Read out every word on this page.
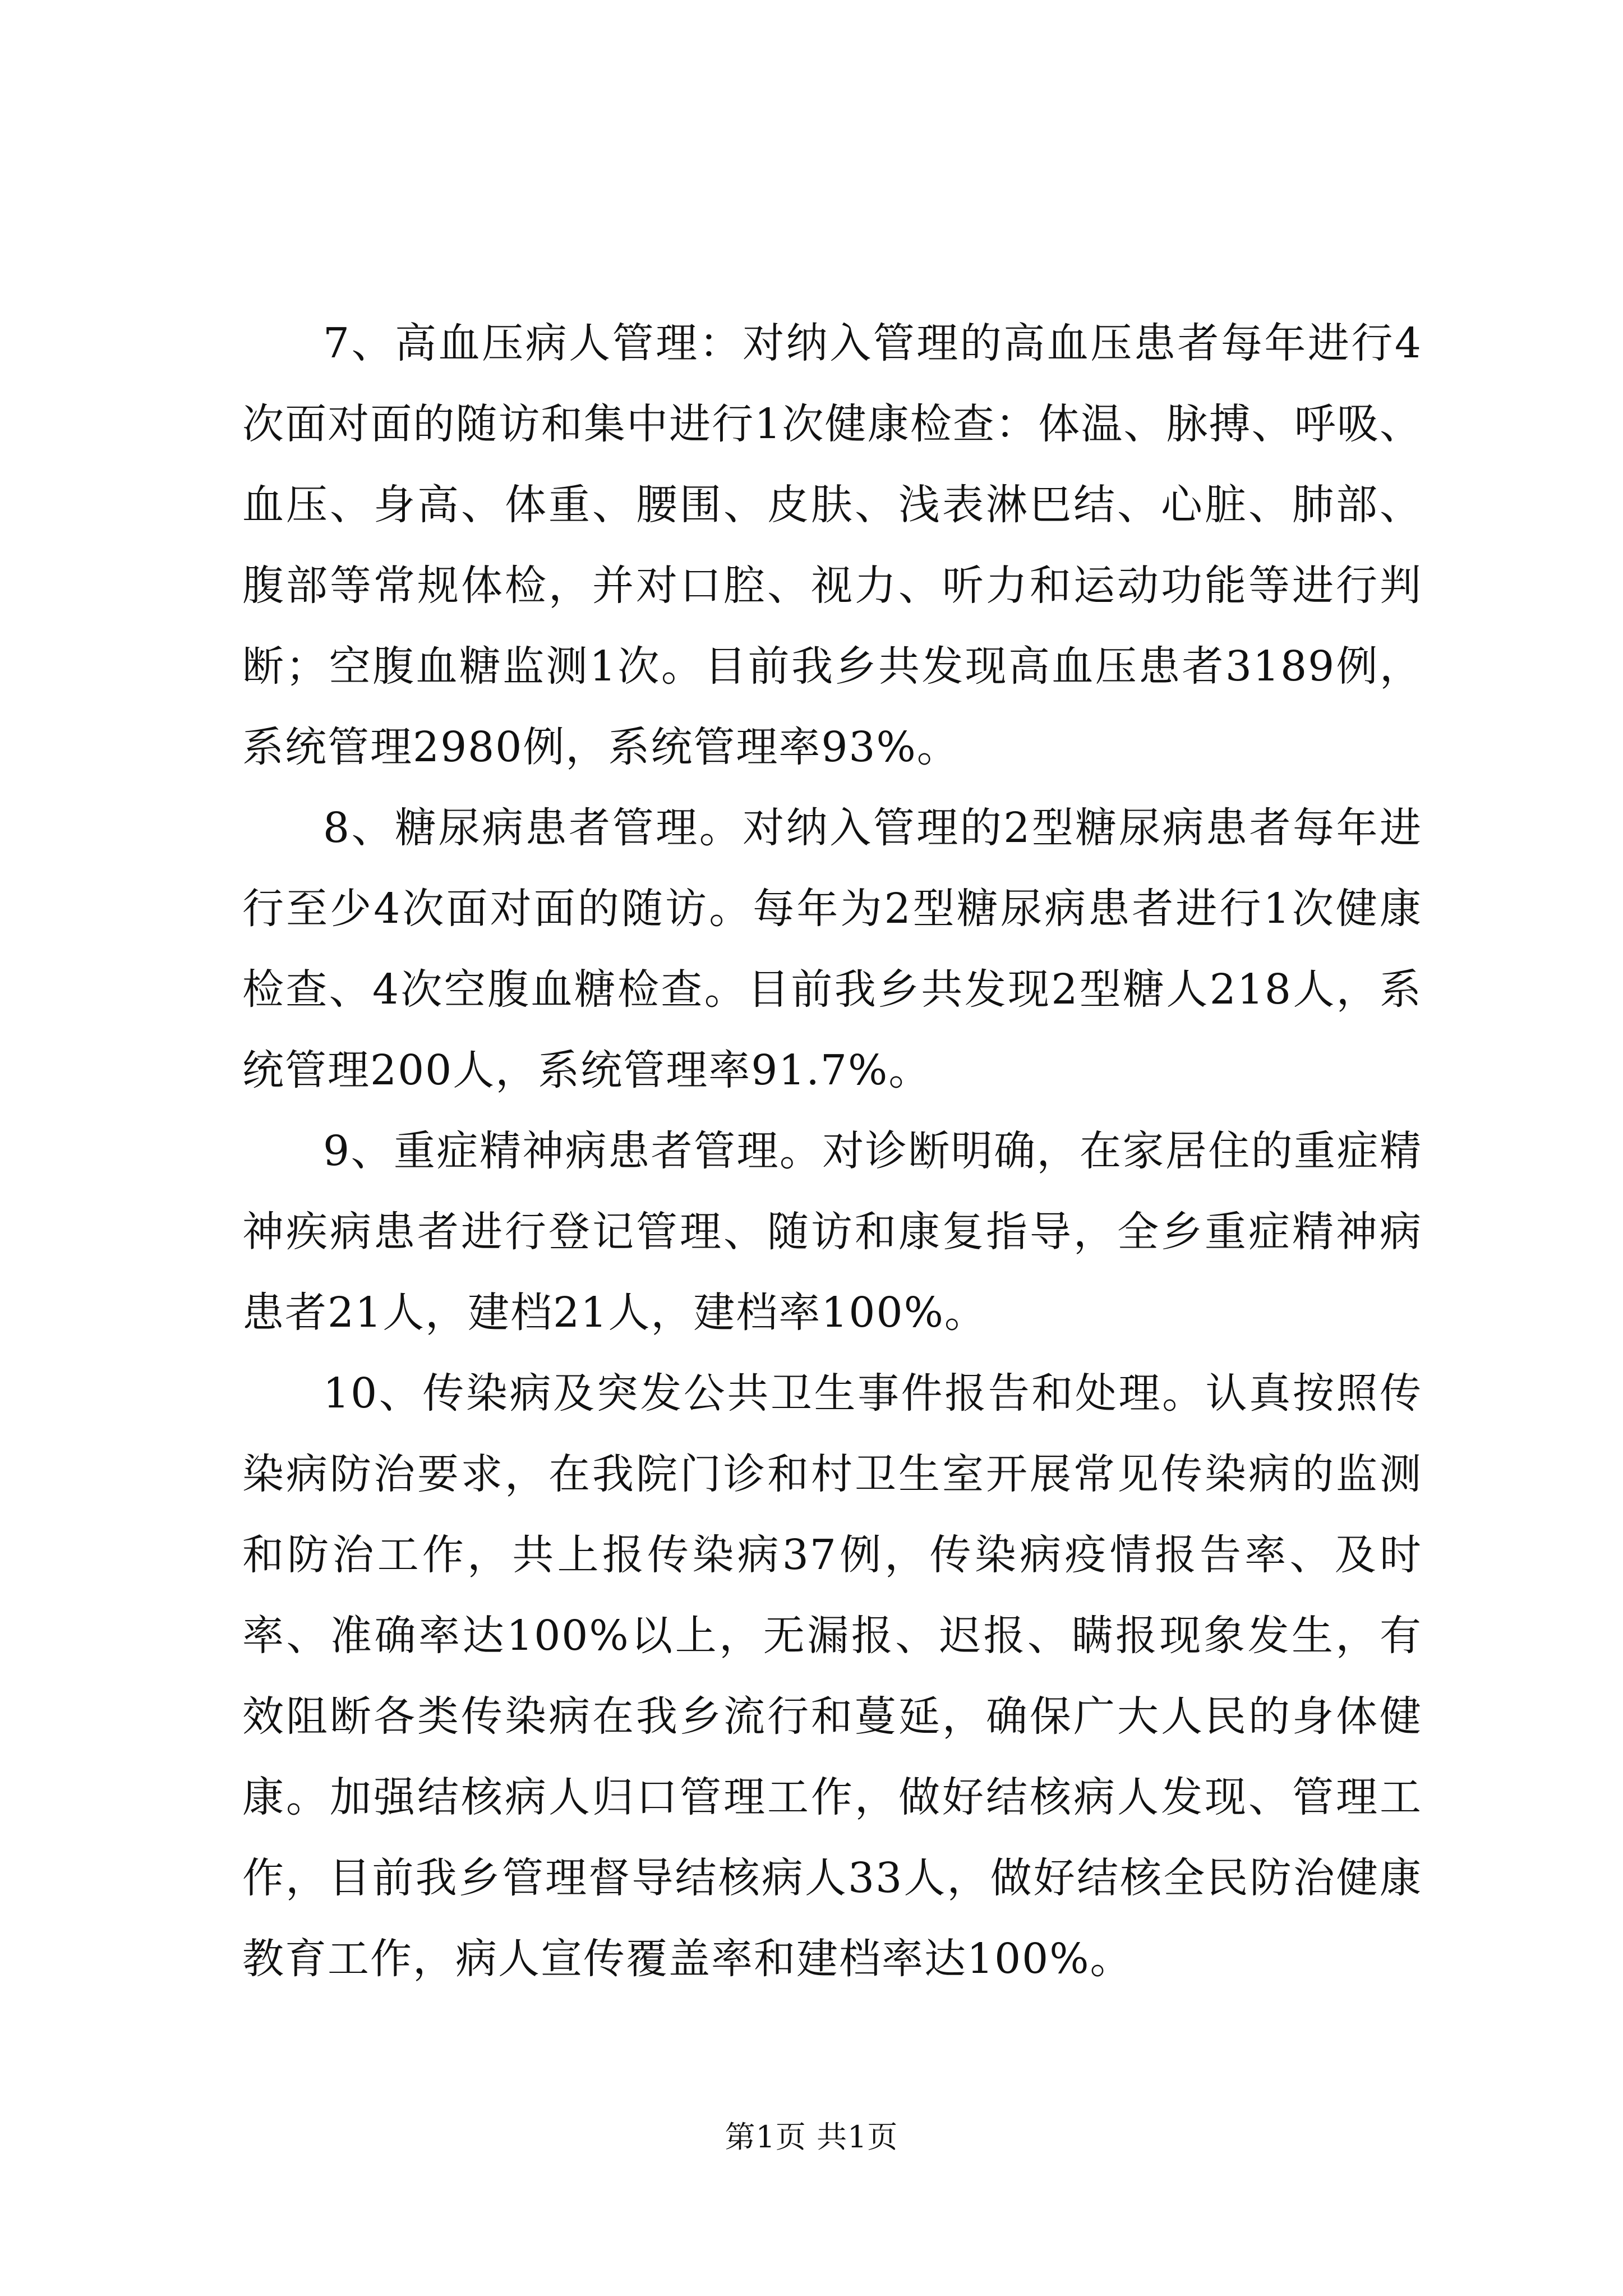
7、高血压病人管理：对纳入管理的高血压患者每年进行4次面对面的随访和集中进行1次健康检查：体温、脉搏、呼吸、血压、身高、体重、腰围、皮肤、浅表淋巴结、心脏、肺部、腹部等常规体检，并对口腔、视力、听力和运动功能等进行判断；空腹血糖监测1次。目前我乡共发现高血压患者3189例，系统管理2980例，系统管理率93%。

8、糖尿病患者管理。对纳入管理的2型糖尿病患者每年进行至少4次面对面的随访。每年为2型糖尿病患者进行1次健康检查、4次空腹血糖检查。目前我乡共发现2型糖人218人，系统管理200人，系统管理率91.7%。

9、重症精神病患者管理。对诊断明确，在家居住的重症精神疾病患者进行登记管理、随访和康复指导，全乡重症精神病患者21人，建档21人，建档率100%。

10、传染病及突发公共卫生事件报告和处理。认真按照传染病防治要求，在我院门诊和村卫生室开展常见传染病的监测和防治工作，共上报传染病37例，传染病疫情报告率、及时率、准确率达100%以上，无漏报、迟报、瞒报现象发生，有效阻断各类传染病在我乡流行和蔓延，确保广大人民的身体健康。加强结核病人归口管理工作，做好结核病人发现、管理工作，目前我乡管理督导结核病人33人，做好结核全民防治健康教育工作，病人宣传覆盖率和建档率达100%。

第1页 共1页
